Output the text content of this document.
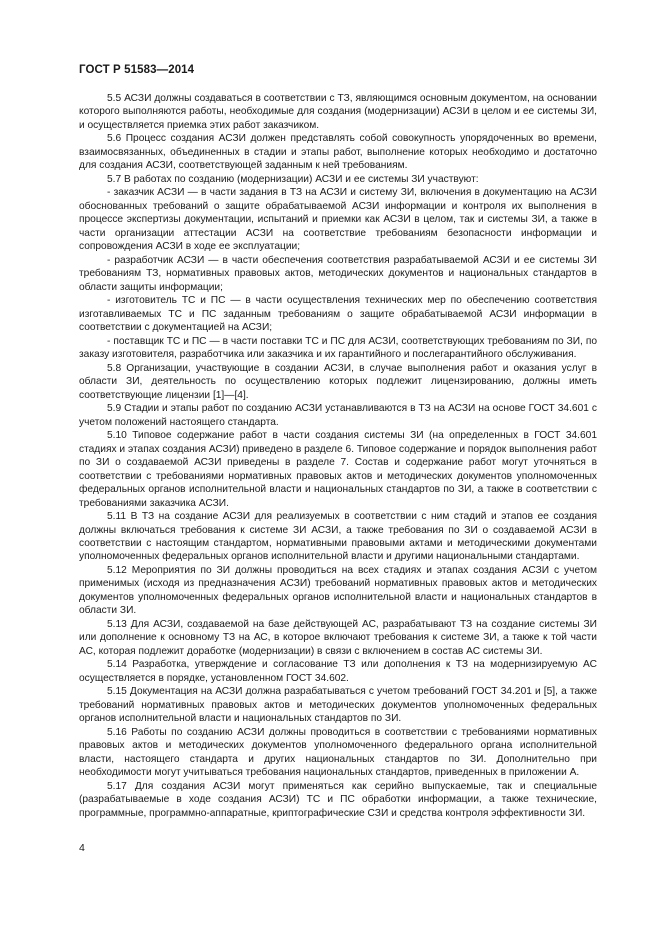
ГОСТ Р 51583—2014

5.5 АСЗИ должны создаваться в соответствии с ТЗ, являющимся основным документом, на основании которого выполняются работы, необходимые для создания (модернизации) АСЗИ в целом и ее системы ЗИ, и осуществляется приемка этих работ заказчиком.

5.6 Процесс создания АСЗИ должен представлять собой совокупность упорядоченных во времени, взаимосвязанных, объединенных в стадии и этапы работ, выполнение которых необходимо и достаточно для создания АСЗИ, соответствующей заданным к ней требованиям.

5.7 В работах по созданию (модернизации) АСЗИ и ее системы ЗИ участвуют:

- заказчик АСЗИ — в части задания в ТЗ на АСЗИ и систему ЗИ, включения в документацию на АСЗИ обоснованных требований о защите обрабатываемой АСЗИ информации и контроля их выполнения в процессе экспертизы документации, испытаний и приемки как АСЗИ в целом, так и системы ЗИ, а также в части организации аттестации АСЗИ на соответствие требованиям безопасности информации и сопровождения АСЗИ в ходе ее эксплуатации;

- разработчик АСЗИ — в части обеспечения соответствия разрабатываемой АСЗИ и ее системы ЗИ требованиям ТЗ, нормативных правовых актов, методических документов и национальных стандартов в области защиты информации;

- изготовитель ТС и ПС — в части осуществления технических мер по обеспечению соответствия изготавливаемых ТС и ПС заданным требованиям о защите обрабатываемой АСЗИ информации в соответствии с документацией на АСЗИ;

- поставщик ТС и ПС — в части поставки ТС и ПС для АСЗИ, соответствующих требованиям по ЗИ, по заказу изготовителя, разработчика или заказчика и их гарантийного и послегарантийного обслуживания.

5.8 Организации, участвующие в создании АСЗИ, в случае выполнения работ и оказания услуг в области ЗИ, деятельность по осуществлению которых подлежит лицензированию, должны иметь соответствующие лицензии [1]—[4].

5.9 Стадии и этапы работ по созданию АСЗИ устанавливаются в ТЗ на АСЗИ на основе ГОСТ 34.601 с учетом положений настоящего стандарта.

5.10 Типовое содержание работ в части создания системы ЗИ (на определенных в ГОСТ 34.601 стадиях и этапах создания АСЗИ) приведено в разделе 6. Типовое содержание и порядок выполнения работ по ЗИ о создаваемой АСЗИ приведены в разделе 7. Состав и содержание работ могут уточняться в соответствии с требованиями нормативных правовых актов и методических документов уполномоченных федеральных органов исполнительной власти и национальных стандартов по ЗИ, а также в соответствии с требованиями заказчика АСЗИ.

5.11 В ТЗ на создание АСЗИ для реализуемых в соответствии с ним стадий и этапов ее создания должны включаться требования к системе ЗИ АСЗИ, а также требования по ЗИ о создаваемой АСЗИ в соответствии с настоящим стандартом, нормативными правовыми актами и методическими документами уполномоченных федеральных органов исполнительной власти и другими национальными стандартами.

5.12 Мероприятия по ЗИ должны проводиться на всех стадиях и этапах создания АСЗИ с учетом применимых (исходя из предназначения АСЗИ) требований нормативных правовых актов и методических документов уполномоченных федеральных органов исполнительной власти и национальных стандартов в области ЗИ.

5.13 Для АСЗИ, создаваемой на базе действующей АС, разрабатывают ТЗ на создание системы ЗИ или дополнение к основному ТЗ на АС, в которое включают требования к системе ЗИ, а также к той части АС, которая подлежит доработке (модернизации) в связи с включением в состав АС системы ЗИ.

5.14 Разработка, утверждение и согласование ТЗ или дополнения к ТЗ на модернизируемую АС осуществляется в порядке, установленном ГОСТ 34.602.

5.15 Документация на АСЗИ должна разрабатываться с учетом требований ГОСТ 34.201 и [5], а также требований нормативных правовых актов и методических документов уполномоченных федеральных органов исполнительной власти и национальных стандартов по ЗИ.

5.16 Работы по созданию АСЗИ должны проводиться в соответствии с требованиями нормативных правовых актов и методических документов уполномоченного федерального органа исполнительной власти, настоящего стандарта и других национальных стандартов по ЗИ. Дополнительно при необходимости могут учитываться требования национальных стандартов, приведенных в приложении А.

5.17 Для создания АСЗИ могут применяться как серийно выпускаемые, так и специальные (разрабатываемые в ходе создания АСЗИ) ТС и ПС обработки информации, а также технические, программные, программно-аппаратные, криптографические СЗИ и средства контроля эффективности ЗИ.

4
